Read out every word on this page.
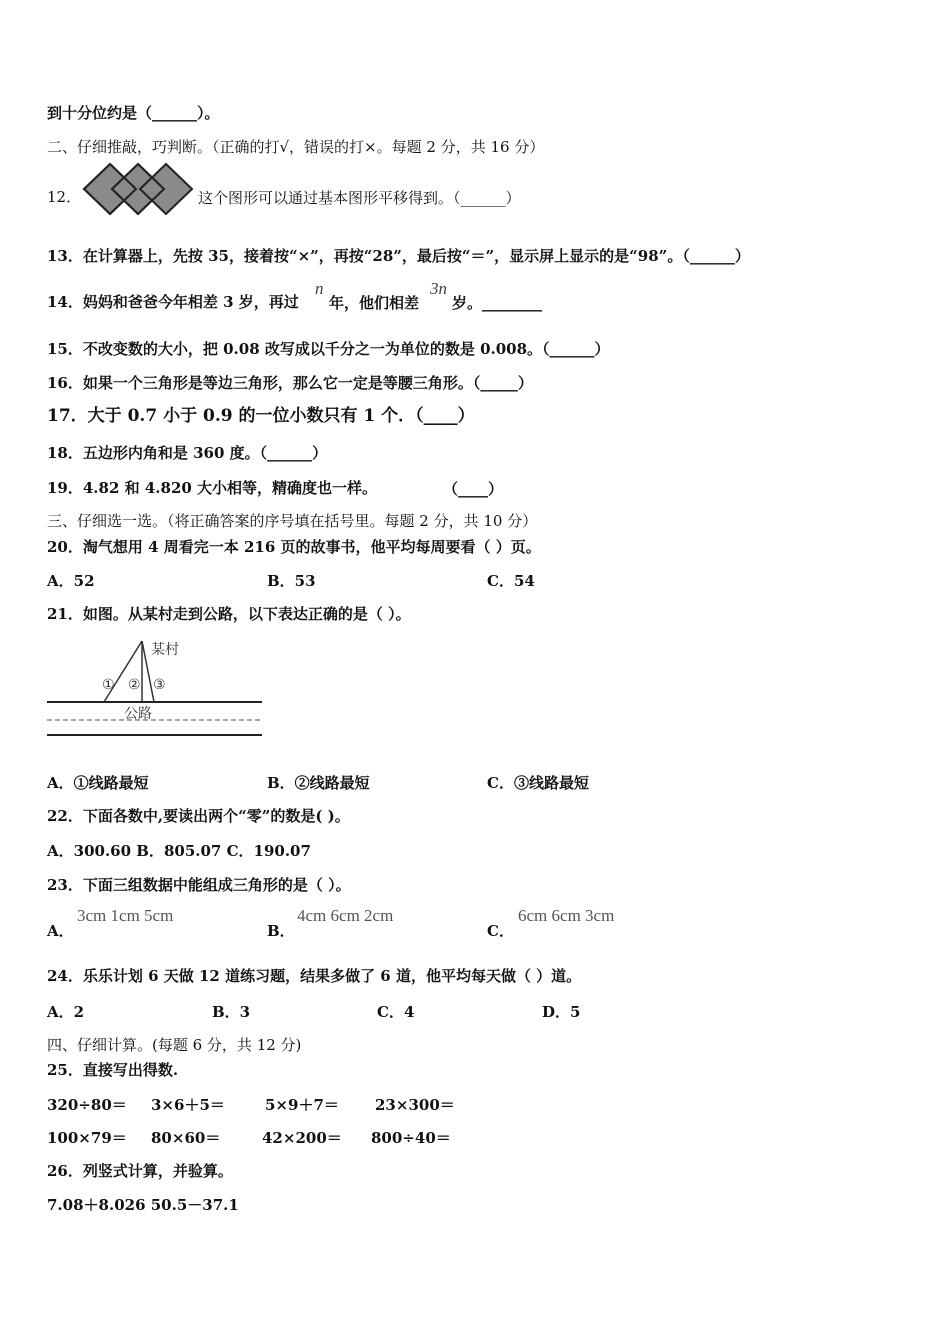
到十分位约是（______）。
二、仔细推敲，巧判断。（正确的打√，错误的打×。每题 2 分，共 16 分）
12．	这个图形可以通过基本图形平移得到。（______）
13．在计算器上，先按 35，接着按“×”，再按“28”，最后按“＝”，显示屏上显示的是“98”。（______）
14．妈妈和爸爸今年相差 3 岁，再过
n
年，他们相差
3n
岁。________
15．不改变数的大小，把 0.08 改写成以千分之一为单位的数是 0.008。（______）
16．如果一个三角形是等边三角形，那么它一定是等腰三角形。（_____）
17．大于 0.7 小于 0.9 的一位小数只有 1 个．（____）
18．五边形内角和是 360 度。（______）
19．4.82 和 4.820 大小相等，精确度也一样。	（____）
三、仔细选一选。（将正确答案的序号填在括号里。每题 2 分，共 10 分）
20．淘气想用 4 周看完一本 216 页的故事书，他平均每周要看（ ）页。
A．52	B．53	C．54
21．如图。从某村走到公路，以下表达正确的是（ ）。
某村
① ② ③
公路
A．①线路最短	B．②线路最短	C．③线路最短
22．下面各数中,要读出两个“零”的数是( )。
A．300.60 B．805.07 C．190.07
23．下面三组数据中能组成三角形的是（ ）。
A．
3cm 1cm 5cm
B．
4cm 6cm 2cm
C．
6cm 6cm 3cm
24．乐乐计划 6 天做 12 道练习题，结果多做了 6 道，他平均每天做（ ）道。
A．2	B．3	C．4	D．5
四、仔细计算。(每题 6 分，共 12 分)
25．直接写出得数.
320÷80＝ 3×6＋5＝	5×9＋7＝ 23×300＝
100×79＝ 80×60＝	42×200＝ 800÷40＝
26．列竖式计算，并验算。
7.08＋8.026 50.5－37.1
